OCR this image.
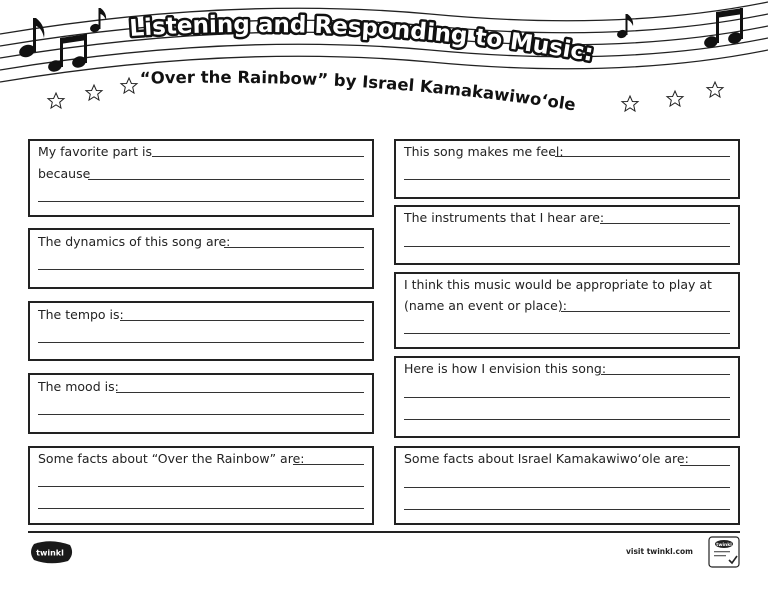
Listening and Responding to Music:
“Over the Rainbow” by Israel Kamakawiwoʻole
My favorite part is
because
The dynamics of this song are:
The tempo is:
The mood is:
Some facts about “Over the Rainbow” are:
This song makes me feel:
The instruments that I hear are:
I think this music would be appropriate to play at
(name an event or place):
Here is how I envision this song:
Some facts about Israel Kamakawiwoʻole are:
twinkl	visit twinkl.com
twinkl
